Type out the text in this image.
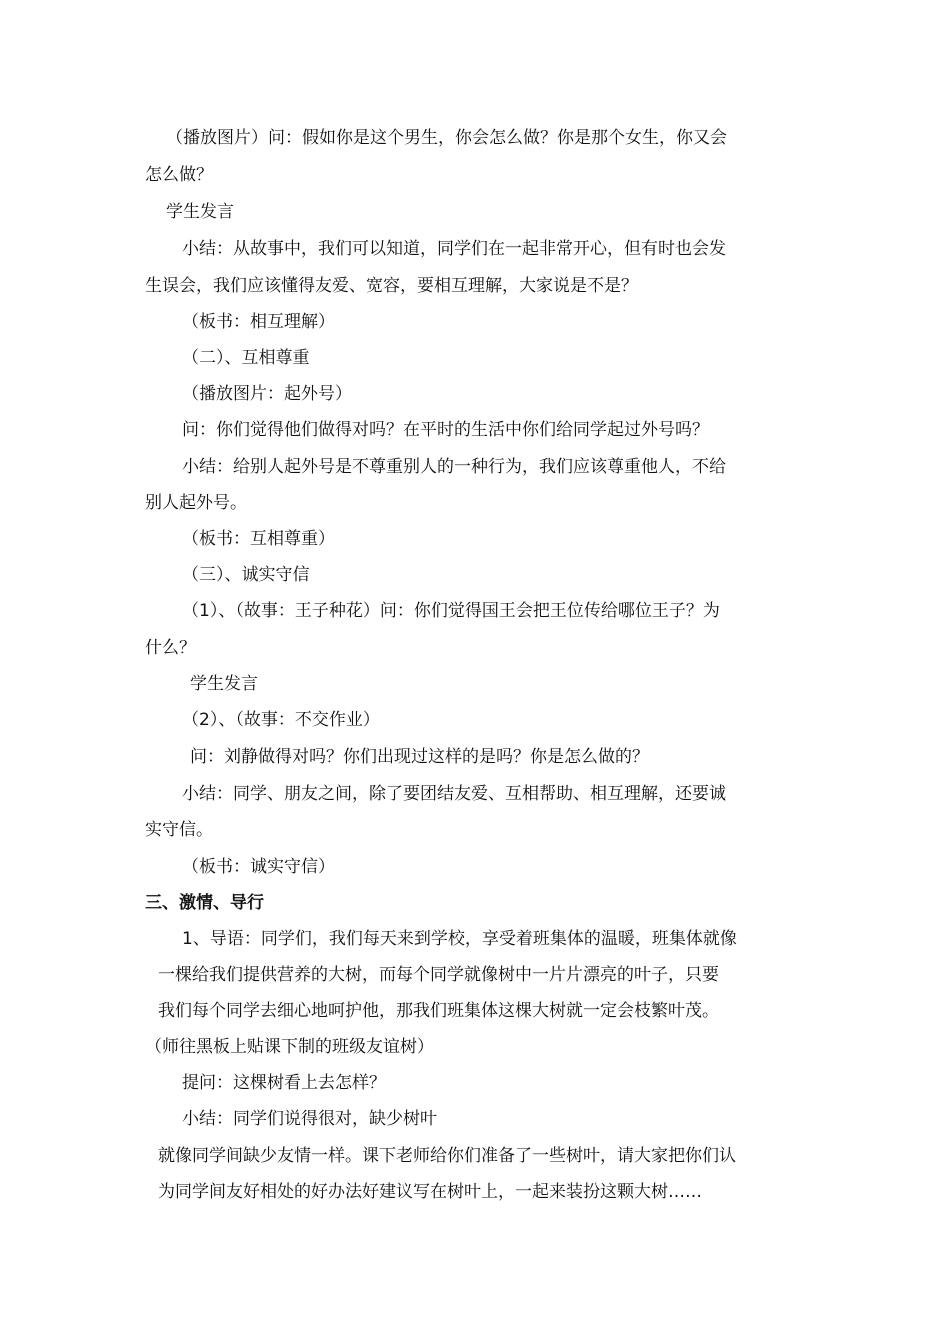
（播放图片）问：假如你是这个男生，你会怎么做？你是那个女生，你又会
怎么做？
学生发言
小结：从故事中，我们可以知道，同学们在一起非常开心，但有时也会发
生误会，我们应该懂得友爱、宽容，要相互理解，大家说是不是？
（板书：相互理解）
（二）、互相尊重
（播放图片：起外号）
问：你们觉得他们做得对吗？在平时的生活中你们给同学起过外号吗？
小结：给别人起外号是不尊重别人的一种行为，我们应该尊重他人，不给
别人起外号。
（板书：互相尊重）
（三）、诚实守信
（1）、（故事：王子种花）问：你们觉得国王会把王位传给哪位王子？为
什么？
学生发言
（2）、（故事：不交作业）
问：刘静做得对吗？你们出现过这样的是吗？你是怎么做的？
小结：同学、朋友之间，除了要团结友爱、互相帮助、相互理解，还要诚
实守信。
（板书：诚实守信）
三、激情、导行
1、导语：同学们，我们每天来到学校，享受着班集体的温暖，班集体就像
一棵给我们提供营养的大树，而每个同学就像树中一片片漂亮的叶子，只要
我们每个同学去细心地呵护他，那我们班集体这棵大树就一定会枝繁叶茂。
（师往黑板上贴课下制的班级友谊树）
提问：这棵树看上去怎样？
小结：同学们说得很对，缺少树叶
就像同学间缺少友情一样。课下老师给你们准备了一些树叶，请大家把你们认
为同学间友好相处的好办法好建议写在树叶上，一起来装扮这颗大树……
